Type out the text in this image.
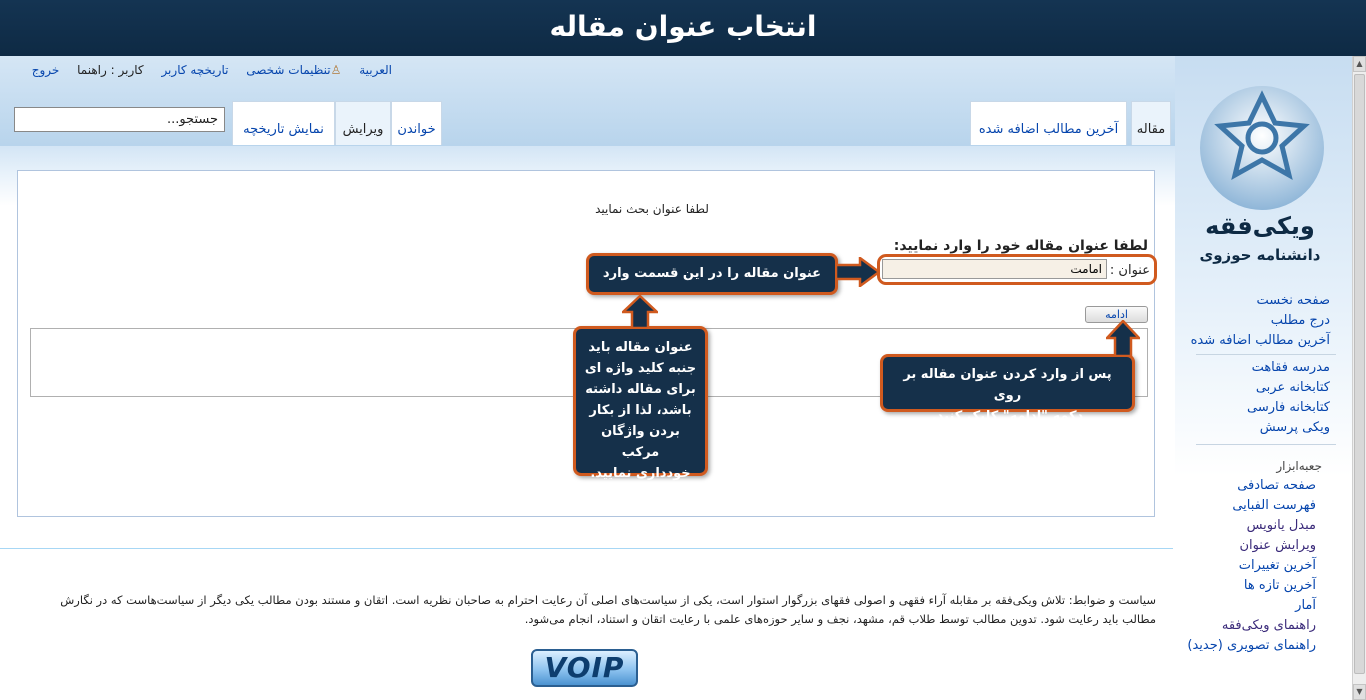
انتخاب عنوان مقاله
العربية ♙تنظیمات شخصی تاریخچه کاربر کاربر : راهنما خروج
مقاله
آخرین مطالب اضافه شده
خواندن
ویرایش
نمایش تاریخچه
جستجو...
لطفا عنوان بحث نمایید
لطفا عنوان مقاله خود را وارد نمایید:
عنوان :
امامت
ادامه
عنوان مقاله را در این قسمت وارد کنید.
پس از وارد کردن عنوان مقاله بر روی
دکمه "ادامه" کلیک کنید.
عنوان مقاله باید
جنبه کلید واژه ای
برای مقاله داشته
باشد، لذا از بکار
بردن واژگان مرکب
خودداری نمایید.
ویکی‌فقه
دانشنامه حوزوی
صفحه نخست
درج مطلب
آخرین مطالب اضافه شده
مدرسه فقاهت
کتابخانه عربی
کتابخانه فارسی
ویکی پرسش
جعبه‌ابزار
صفحه تصادفی
فهرست الفبایی
مبدل یانویس
ویرایش عنوان
آخرین تغییرات
آخرین تازه ها
آمار
راهنمای ویکی‌فقه
راهنمای تصویری (جدید)
سیاست و ضوابط: تلاش ویکی‌فقه بر مقابله آراء فقهی و اصولی فقهای بزرگوار استوار است، یکی از سیاست‌های اصلی آن رعایت احترام به صاحبان نظریه است. اتقان و مستند بودن مطالب یکی دیگر از سیاست‌هاست که در نگارش
مطالب باید رعایت شود. تدوین مطالب توسط طلاب قم، مشهد، نجف و سایر حوزه‌های علمی با رعایت اتقان و استناد، انجام می‌شود.
VOIP
▲
▼
